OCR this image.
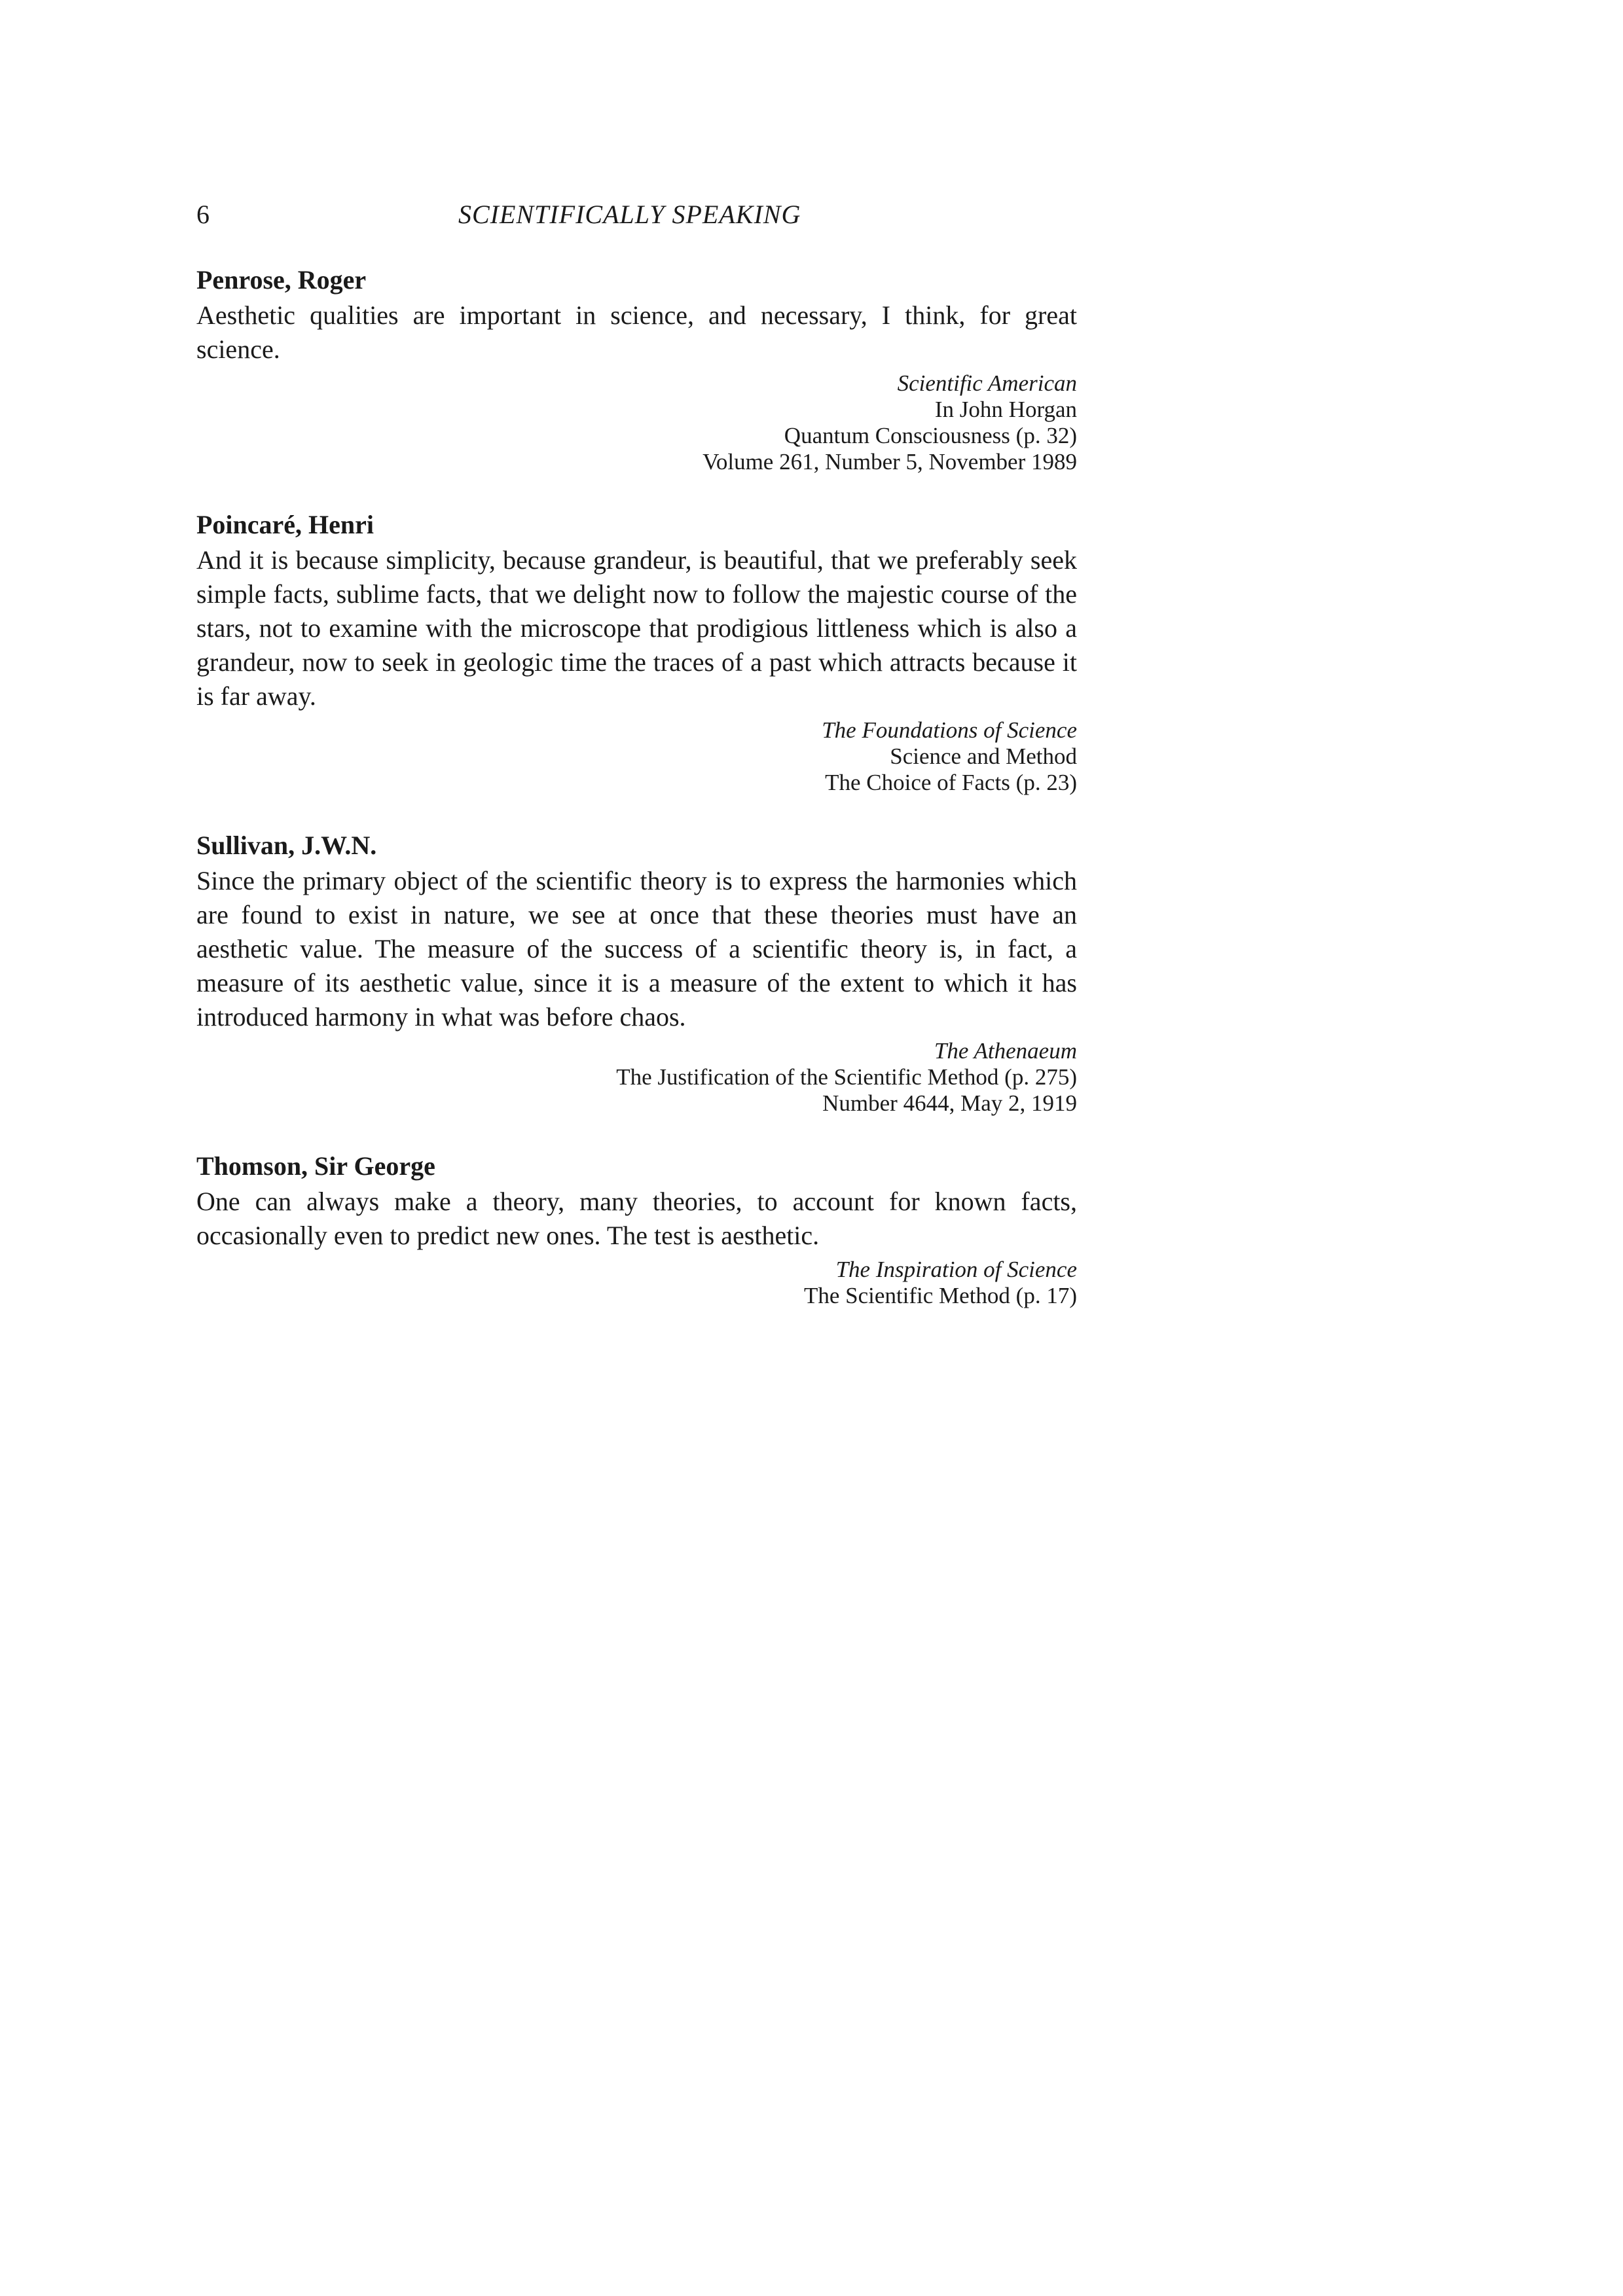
6	SCIENTIFICALLY SPEAKING
Penrose, Roger
Aesthetic qualities are important in science, and necessary, I think, for great science.
Scientific American
In John Horgan
Quantum Consciousness (p. 32)
Volume 261, Number 5, November 1989
Poincaré, Henri
And it is because simplicity, because grandeur, is beautiful, that we preferably seek simple facts, sublime facts, that we delight now to follow the majestic course of the stars, not to examine with the microscope that prodigious littleness which is also a grandeur, now to seek in geologic time the traces of a past which attracts because it is far away.
The Foundations of Science
Science and Method
The Choice of Facts (p. 23)
Sullivan, J.W.N.
Since the primary object of the scientific theory is to express the harmonies which are found to exist in nature, we see at once that these theories must have an aesthetic value. The measure of the success of a scientific theory is, in fact, a measure of its aesthetic value, since it is a measure of the extent to which it has introduced harmony in what was before chaos.
The Athenaeum
The Justification of the Scientific Method (p. 275)
Number 4644, May 2, 1919
Thomson, Sir George
One can always make a theory, many theories, to account for known facts, occasionally even to predict new ones. The test is aesthetic.
The Inspiration of Science
The Scientific Method (p. 17)
